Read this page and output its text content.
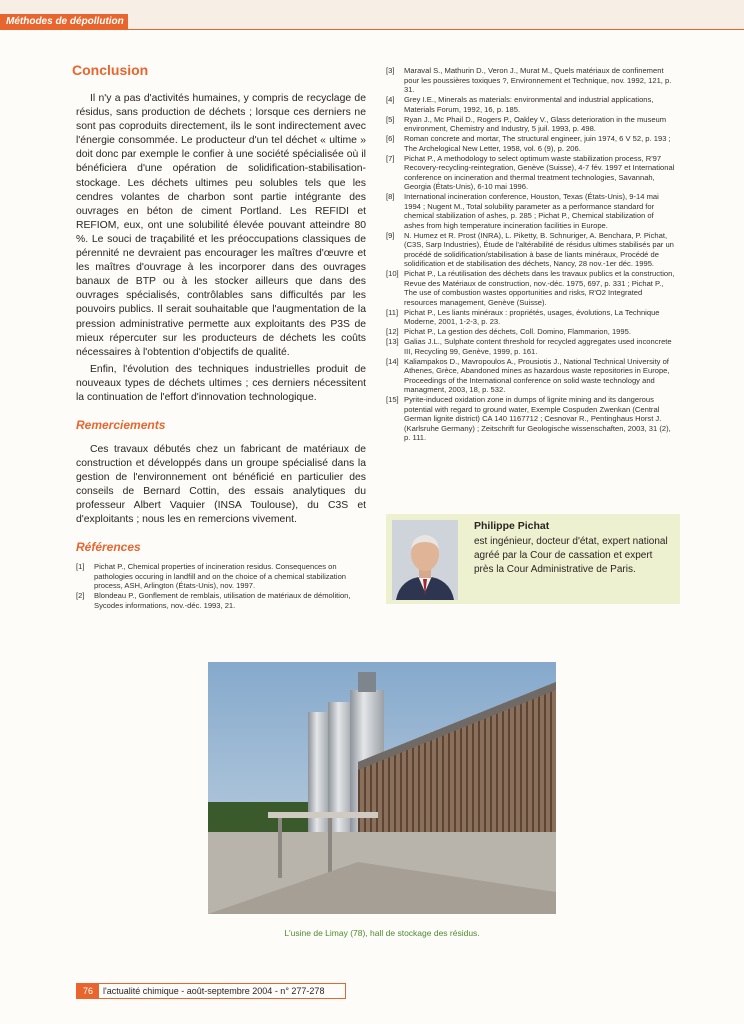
Méthodes de dépollution
Conclusion

Il n'y a pas d'activités humaines, y compris de recyclage de résidus, sans production de déchets ; lorsque ces derniers ne sont pas coproduits directement, ils le sont indirectement avec l'énergie consommée. Le producteur d'un tel déchet « ultime » doit donc par exemple le confier à une société spécialisée où il bénéficiera d'une opération de solidification-stabilisation-stockage. Les déchets ultimes peu solubles tels que les cendres volantes de charbon sont partie intégrante des ouvrages en béton de ciment Portland. Les REFIDI et REFIOM, eux, ont une solubilité élevée pouvant atteindre 80 %. Le souci de traçabilité et les préoccupations classiques de pérennité ne devraient pas encourager les maîtres d'œuvre et les maîtres d'ouvrage à les incorporer dans des ouvrages banaux de BTP ou à les stocker ailleurs que dans des ouvrages spécialisés, contrôlables sans difficultés par les pouvoirs publics. Il serait souhaitable que l'augmentation de la pression administrative permette aux exploitants des P3S de mieux répercuter sur les producteurs de déchets les coûts nécessaires à l'obtention d'objectifs de qualité.

Enfin, l'évolution des techniques industrielles produit de nouveaux types de déchets ultimes ; ces derniers nécessitent la continuation de l'effort d'innovation technologique.

Remerciements

Ces travaux débutés chez un fabricant de matériaux de construction et développés dans un groupe spécialisé dans la gestion de l'environnement ont bénéficié en particulier des conseils de Bernard Cottin, des essais analytiques du professeur Albert Vaquier (INSA Toulouse), du C3S et d'exploitants ; nous les en remercions vivement.

Références
[1] Pichat P., Chemical properties of incineration residus. Consequences on pathologies occuring in landfill and on the choice of a chemical stabilization process, ASH, Arlington (États-Unis), nov. 1997.
[2] Blondeau P., Gonflement de remblais, utilisation de matériaux de démolition, Sycodes informations, nov.-déc. 1993, 21.
[3] Maraval S., Mathurin D., Veron J., Murat M., Quels matériaux de confinement pour les poussières toxiques ?, Environnement et Technique, nov. 1992, 121, p. 31.
[4] Grey I.E., Minerals as materials: environmental and industrial applications, Materials Forum, 1992, 16, p. 185.
[5] Ryan J., Mc Phail D., Rogers P., Oakley V., Glass deterioration in the museum environment, Chemistry and Industry, 5 juil. 1993, p. 498.
[6] Roman concrete and mortar, The structural engineer, juin 1974, 6 V 52, p. 193 ; The Archelogical New Letter, 1958, vol. 6 (9), p. 206.
[7] Pichat P., A methodology to select optimum waste stabilization process, R'97 Recovery-recycling-reintegration, Genève (Suisse), 4-7 fév. 1997 et International conference on incineration and thermal treatment technologies, Savannah, Georgia (États-Unis), 6-10 mai 1996.
[8] International incineration conference, Houston, Texas (États-Unis), 9-14 mai 1994 ; Nugent M., Total solubility parameter as a performance standard for chemical stabilization of ashes, p. 285 ; Pichat P., Chemical stabilization of ashes from high temperature incineration facilities in Europe.
[9] N. Humez et R. Prost (INRA), L. Piketty, B. Schnuriger, A. Benchara, P. Pichat, (C3S, Sarp Industries), Étude de l'altérabilité de résidus ultimes stabilisés par un procédé de solidification/stabilisation à base de liants minéraux, Procédé de solidification et de stabilisation des déchets, Nancy, 28 nov.-1er déc. 1995.
[10] Pichat P., La réutilisation des déchets dans les travaux publics et la construction, Revue des Matériaux de construction, nov.-déc. 1975, 697, p. 331 ; Pichat P., The use of combustion wastes opportunities and risks, R'O2 Integrated resources management, Genève (Suisse).
[11] Pichat P., Les liants minéraux : propriétés, usages, évolutions, La Technique Moderne, 2001, 1-2-3, p. 23.
[12] Pichat P., La gestion des déchets, Coll. Domino, Flammarion, 1995.
[13] Galias J.L., Sulphate content threshold for recycled aggregates used inconcrete III, Recycling 99, Genève, 1999, p. 161.
[14] Kaliampakos D., Mavropoulos A., Prousiotis J., National Technical University of Athenes, Grèce, Abandoned mines as hazardous waste repositories in Europe, Proceedings of the International conference on solid waste technology and managment, 2003, 18, p. 532.
[15] Pyrite-induced oxidation zone in dumps of lignite mining and its dangerous potential with regard to ground water, Exemple Cospuden Zwenkan (Central German lignite district) CA 140 1167712 ; Cesnovar R., Pentinghaus Horst J. (Karlsruhe Germany) ; Zeitschrift fur Geologische wissenschaften, 2003, 31 (2), p. 111.
Philippe Pichat
est ingénieur, docteur d'état, expert national agréé par la Cour de cassation et expert près la Cour Administrative de Paris.
L'usine de Limay (78), hall de stockage des résidus.
76	l'actualité chimique - août-septembre 2004 - n° 277-278
